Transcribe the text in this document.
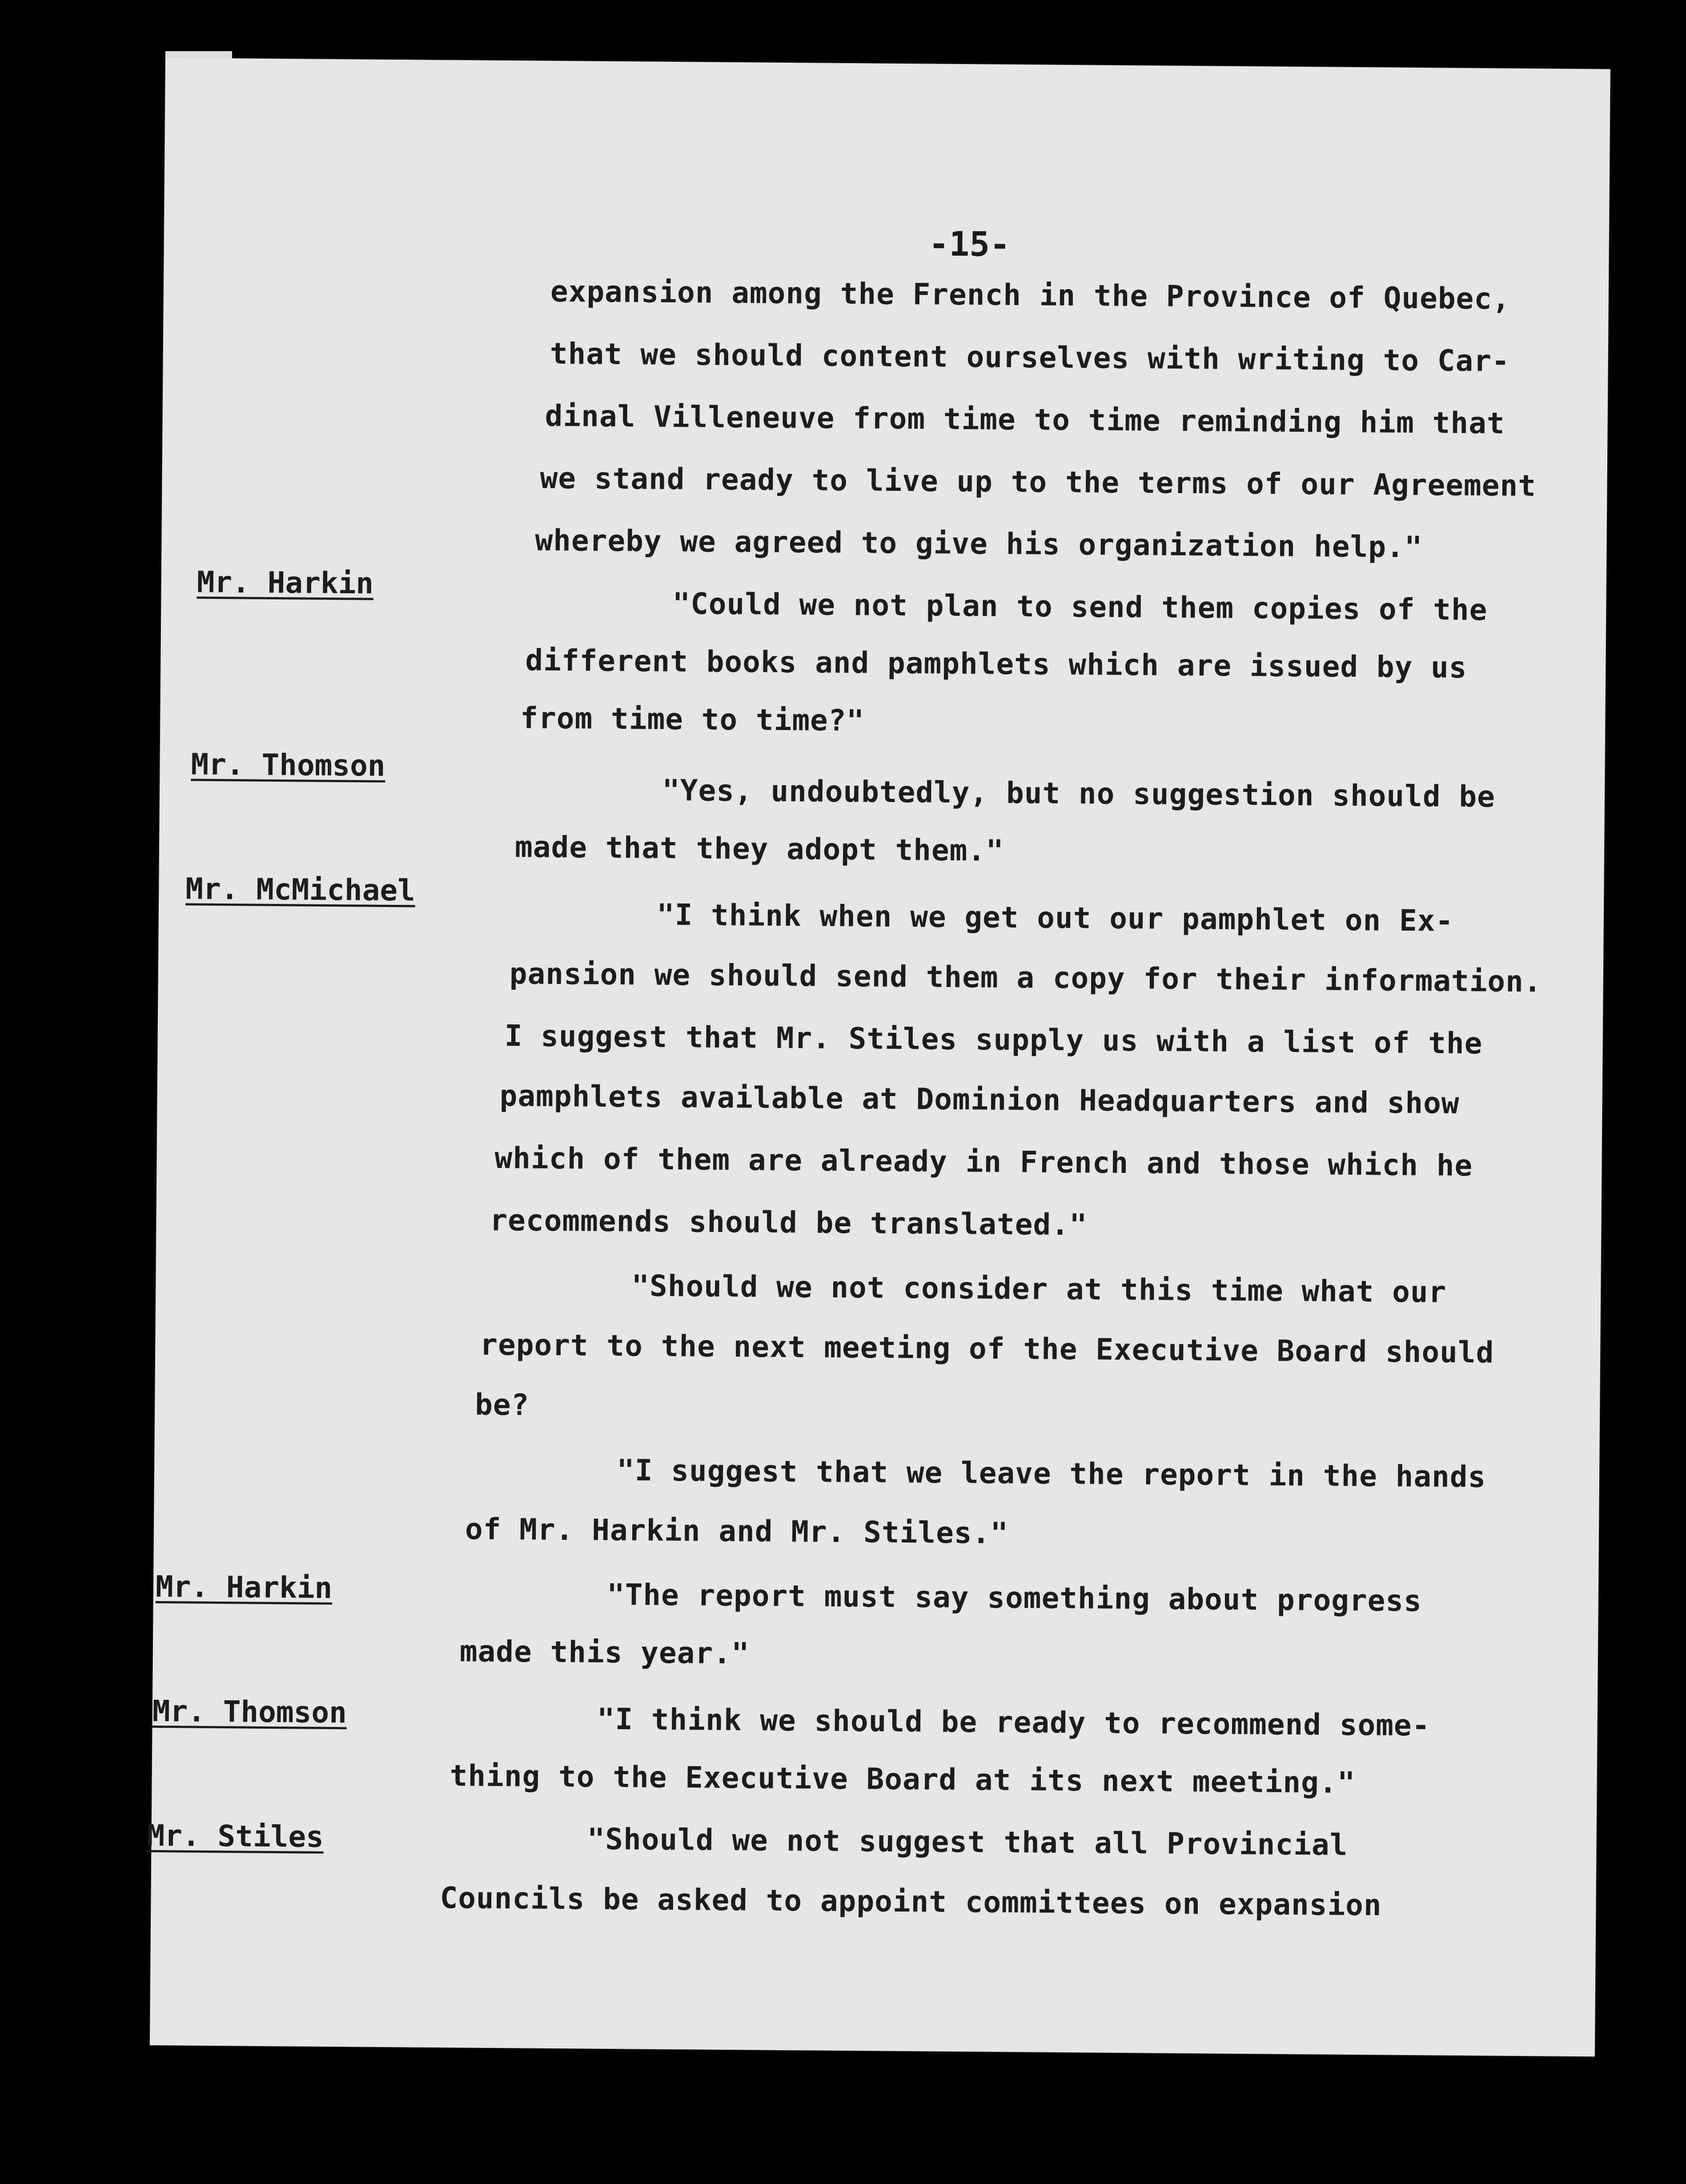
-15-
Mr. Harkin
Mr. Thomson
Mr. McMichael
Mr. Harkin
Mr. Thomson
Mr. Stiles
expansion among the French in the Province of Quebec,
that we should content ourselves with writing to Car-
dinal Villeneuve from time to time reminding him that
we stand ready to live up to the terms of our Agreement
whereby we agreed to give his organization help."
"Could we not plan to send them copies of the
different books and pamphlets which are issued by us
from time to time?"
"Yes, undoubtedly, but no suggestion should be
made that they adopt them."
"I think when we get out our pamphlet on Ex-
pansion we should send them a copy for their information.
I suggest that Mr. Stiles supply us with a list of the
pamphlets available at Dominion Headquarters and show
which of them are already in French and those which he
recommends should be translated."
"Should we not consider at this time what our
report to the next meeting of the Executive Board should
be?
"I suggest that we leave the report in the hands
of Mr. Harkin and Mr. Stiles."
"The report must say something about progress
made this year."
"I think we should be ready to recommend some-
thing to the Executive Board at its next meeting."
"Should we not suggest that all Provincial
Councils be asked to appoint committees on expansion
